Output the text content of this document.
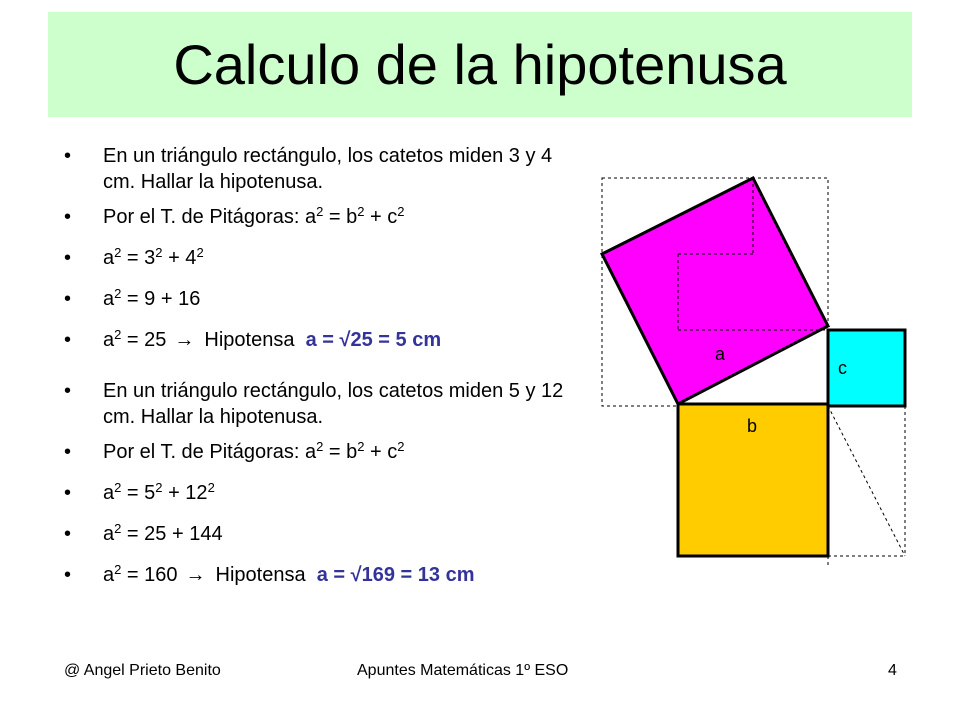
Calculo de la hipotenusa
• En un triángulo rectángulo, los catetos miden 3 y 4 cm. Hallar la hipotenusa.
• Por el T. de Pitágoras: $a^2 = b^2 + c^2$
• $a^2 = 3^2 + 4^2$
• $a^2 = 9 + 16$
• $a^2 = 25$ → Hipotensa a = √25 = 5 cm
• En un triángulo rectángulo, los catetos miden 5 y 12 cm. Hallar la hipotenusa.
• Por el T. de Pitágoras: $a^2 = b^2 + c^2$
• $a^2 = 5^2 + 12^2$
• $a^2 = 25 + 144$
• $a^2 = 160$ → Hipotensa a = √169 = 13 cm
a
c
b
@ Angel Prieto Benito	Apuntes Matemáticas 1º ESO	4
